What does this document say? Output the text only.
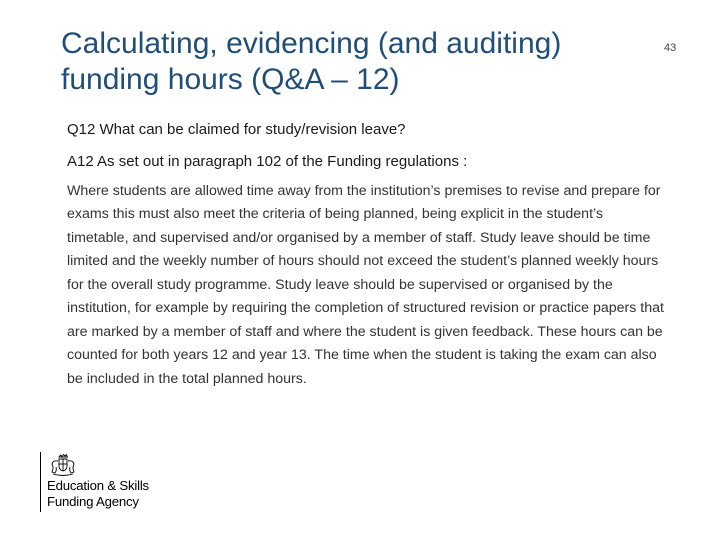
Calculating, evidencing (and auditing)
funding hours (Q&A – 12)
43
Q12 What can be claimed for study/revision leave?
A12 As set out in paragraph 102 of the Funding regulations :

Where students are allowed time away from the institution’s premises to revise and prepare for exams this must also meet the criteria of being planned, being explicit in the student’s timetable, and supervised and/or organised by a member of staff. Study leave should be time limited and the weekly number of hours should not exceed the student’s planned weekly hours for the overall study programme. Study leave should be supervised or organised by the institution, for example by requiring the completion of structured revision or practice papers that are marked by a member of staff and where the student is given feedback. These hours can be counted for both years 12 and year 13. The time when the student is taking the exam can also be included in the total planned hours.

Education & Skills
Funding Agency
